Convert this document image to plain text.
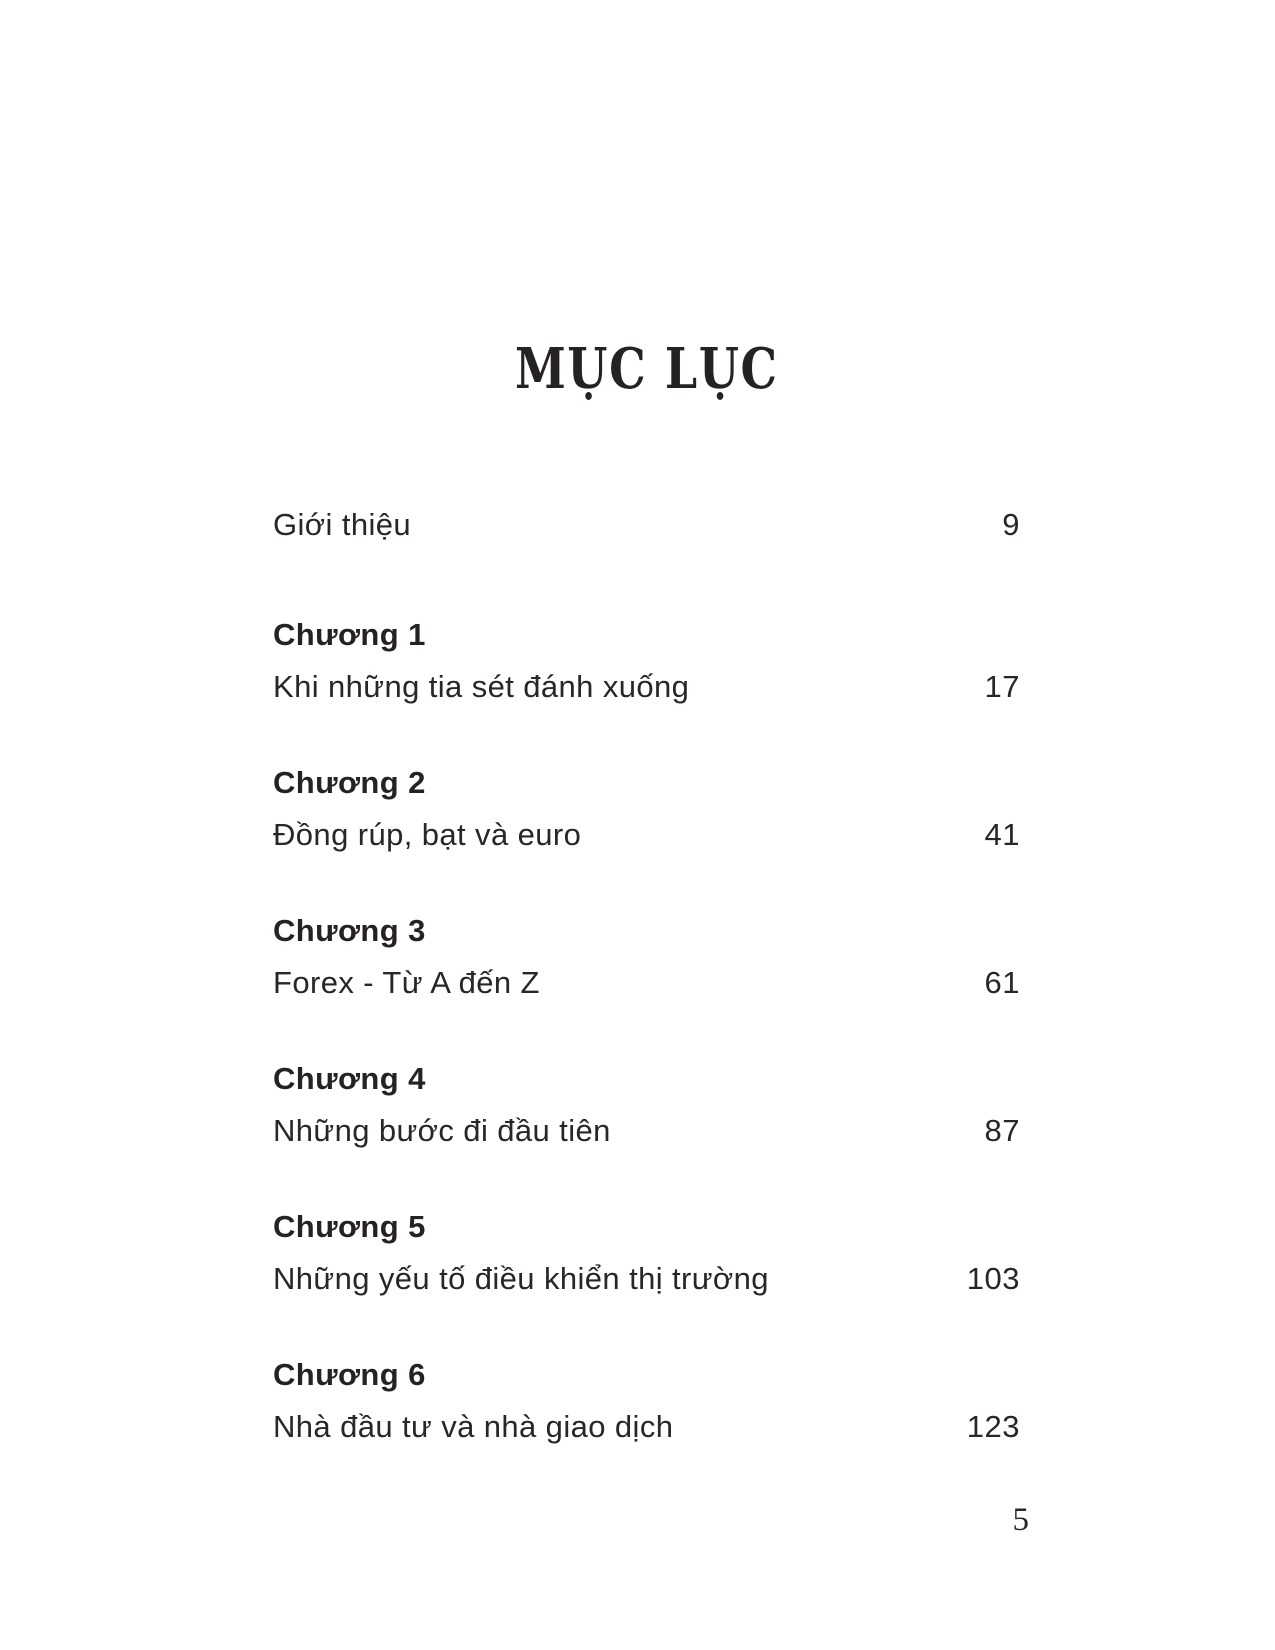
MỤC LỤC
Giới thiệu	9
Chương 1
Khi những tia sét đánh xuống	17
Chương 2
Đồng rúp, bạt và euro	41
Chương 3
Forex - Từ A đến Z	61
Chương 4
Những bước đi đầu tiên	87
Chương 5
Những yếu tố điều khiển thị trường	103
Chương 6
Nhà đầu tư và nhà giao dịch	123
5
